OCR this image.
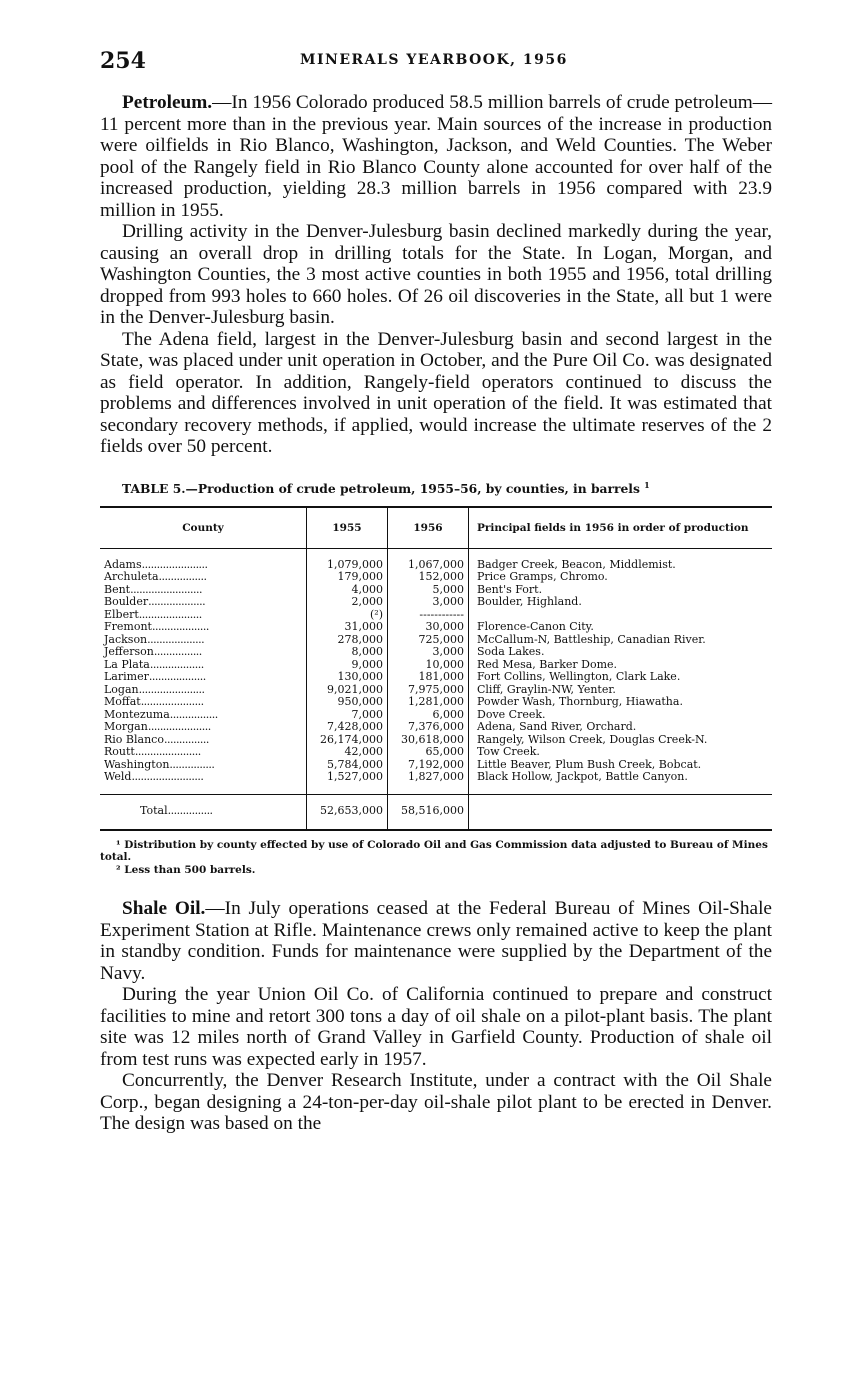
254	MINERALS YEARBOOK, 1956

Petroleum.—In 1956 Colorado produced 58.5 million barrels of crude petroleum—11 percent more than in the previous year. Main sources of the increase in production were oilfields in Rio Blanco, Washington, Jackson, and Weld Counties. The Weber pool of the Rangely field in Rio Blanco County alone accounted for over half of the increased production, yielding 28.3 million barrels in 1956 compared with 23.9 million in 1955.

Drilling activity in the Denver-Julesburg basin declined markedly during the year, causing an overall drop in drilling totals for the State. In Logan, Morgan, and Washington Counties, the 3 most active counties in both 1955 and 1956, total drilling dropped from 993 holes to 660 holes. Of 26 oil discoveries in the State, all but 1 were in the Denver-Julesburg basin.

The Adena field, largest in the Denver-Julesburg basin and second largest in the State, was placed under unit operation in October, and the Pure Oil Co. was designated as field operator. In addition, Rangely-field operators continued to discuss the problems and differences involved in unit operation of the field. It was estimated that secondary recovery methods, if applied, would increase the ultimate reserves of the 2 fields over 50 percent.

TABLE 5.—Production of crude petroleum, 1955–56, by counties, in barrels $^1$
County	1955	1956	Principal fields in 1956 in order of production

Adams......................	1,079,000	1,067,000	Badger Creek, Beacon, Middlemist.
Archuleta................	179,000	152,000	Price Gramps, Chromo.
Bent........................	4,000	5,000	Bent's Fort.
Boulder...................	2,000	3,000	Boulder, Highland.
Elbert.....................	(²)	------------	
Fremont...................	31,000	30,000	Florence-Canon City.
Jackson...................	278,000	725,000	McCallum-N, Battleship, Canadian River.
Jefferson................	8,000	3,000	Soda Lakes.
La Plata..................	9,000	10,000	Red Mesa, Barker Dome.
Larimer...................	130,000	181,000	Fort Collins, Wellington, Clark Lake.
Logan......................	9,021,000	7,975,000	Cliff, Graylin-NW, Yenter.
Moffat.....................	950,000	1,281,000	Powder Wash, Thornburg, Hiawatha.
Montezuma................	7,000	6,000	Dove Creek.
Morgan.....................	7,428,000	7,376,000	Adena, Sand River, Orchard.
Rio Blanco...............	26,174,000	30,618,000	Rangely, Wilson Creek, Douglas Creek-N.
Routt......................	42,000	65,000	Tow Creek.
Washington...............	5,784,000	7,192,000	Little Beaver, Plum Bush Creek, Bobcat.
Weld........................	1,527,000	1,827,000	Black Hollow, Jackpot, Battle Canyon.

Total...............	52,653,000	58,516,000	

¹ Distribution by county effected by use of Colorado Oil and Gas Commission data adjusted to Bureau of Mines total.

² Less than 500 barrels.

Shale Oil.—In July operations ceased at the Federal Bureau of Mines Oil-Shale Experiment Station at Rifle. Maintenance crews only remained active to keep the plant in standby condition. Funds for maintenance were supplied by the Department of the Navy.

During the year Union Oil Co. of California continued to prepare and construct facilities to mine and retort 300 tons a day of oil shale on a pilot-plant basis. The plant site was 12 miles north of Grand Valley in Garfield County. Production of shale oil from test runs was expected early in 1957.

Concurrently, the Denver Research Institute, under a contract with the Oil Shale Corp., began designing a 24-ton-per-day oil-shale pilot plant to be erected in Denver. The design was based on the
